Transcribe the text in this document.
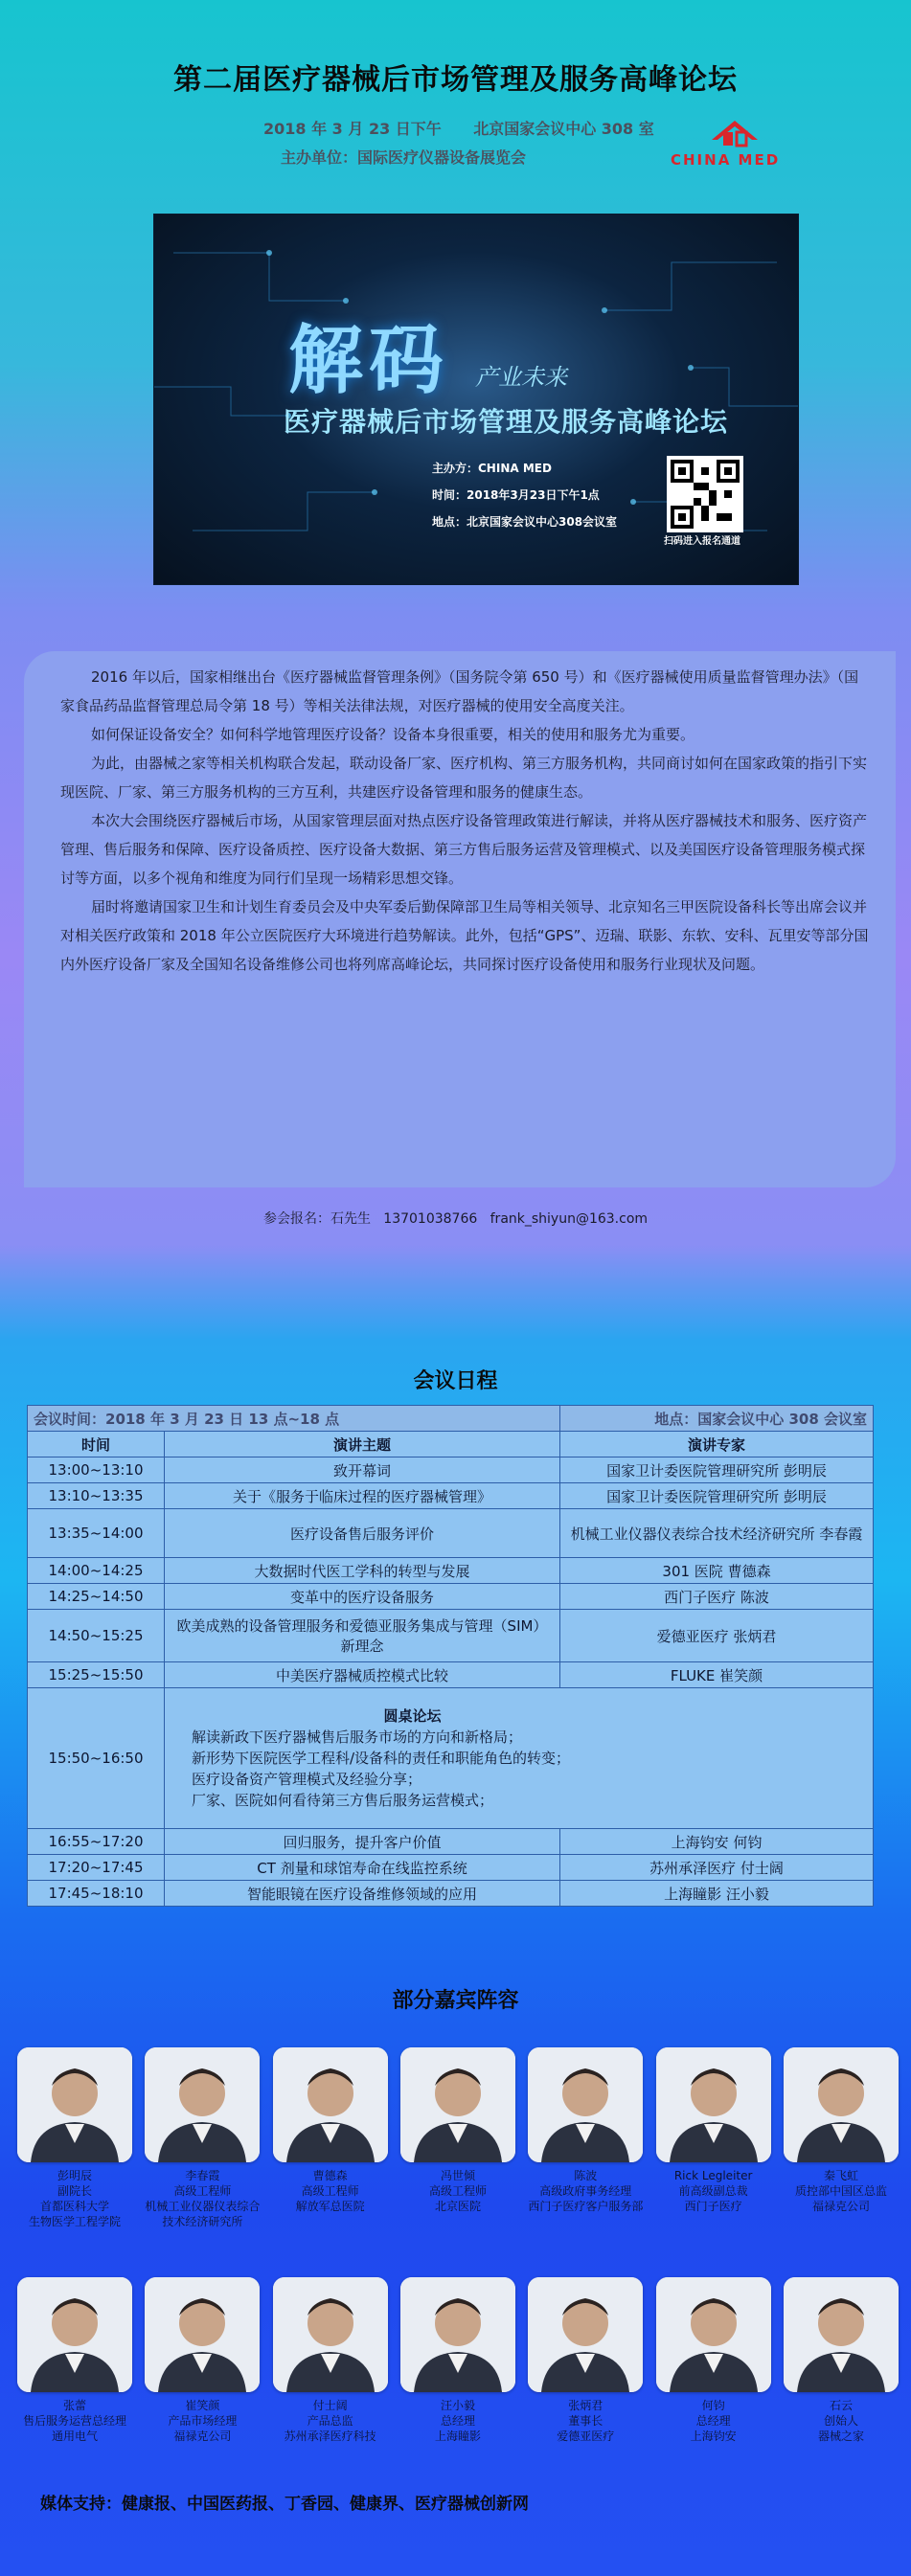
第二届医疗器械后市场管理及服务高峰论坛
2018 年 3 月 23 日下午      北京国家会议中心 308 室
主办单位：国际医疗仪器设备展览会	CHINA MED
解码 产业未来
医疗器械后市场管理及服务高峰论坛
主办方：CHINA MED
时间：2018年3月23日下午1点
地点：北京国家会议中心308会议室
扫码进入报名通道

2016 年以后，国家相继出台《医疗器械监督管理条例》（国务院令第 650 号）和《医疗器械使用质量监督管理办法》（国家食品药品监督管理总局令第 18 号）等相关法律法规，对医疗器械的使用安全高度关注。

如何保证设备安全？如何科学地管理医疗设备？设备本身很重要，相关的使用和服务尤为重要。

为此，由器械之家等相关机构联合发起，联动设备厂家、医疗机构、第三方服务机构，共同商讨如何在国家政策的指引下实现医院、厂家、第三方服务机构的三方互利，共建医疗设备管理和服务的健康生态。

本次大会围绕医疗器械后市场，从国家管理层面对热点医疗设备管理政策进行解读，并将从医疗器械技术和服务、医疗资产管理、售后服务和保障、医疗设备质控、医疗设备大数据、第三方售后服务运营及管理模式、以及美国医疗设备管理服务模式探讨等方面，以多个视角和维度为同行们呈现一场精彩思想交锋。

届时将邀请国家卫生和计划生育委员会及中央军委后勤保障部卫生局等相关领导、北京知名三甲医院设备科长等出席会议并对相关医疗政策和 2018 年公立医院医疗大环境进行趋势解读。此外，包括“GPS”、迈瑞、联影、东软、安科、瓦里安等部分国内外医疗设备厂家及全国知名设备维修公司也将列席高峰论坛，共同探讨医疗设备使用和服务行业现状及问题。

参会报名：石先生   13701038766   frank_shiyun@163.com
会议日程
会议时间：2018 年 3 月 23 日 13 点~18 点		地点：国家会议中心 308 会议室
时间	演讲主题	演讲专家
13:00~13:10	致开幕词	国家卫计委医院管理研究所 彭明辰
13:10~13:35	关于《服务于临床过程的医疗器械管理》	国家卫计委医院管理研究所 彭明辰
13:35~14:00	医疗设备售后服务评价	机械工业仪器仪表综合技术经济研究所 李春霞
14:00~14:25	大数据时代医工学科的转型与发展	301 医院 曹德森
14:25~14:50	变革中的医疗设备服务	西门子医疗 陈波
14:50~15:25	欧美成熟的设备管理服务和爱德亚服务集成与管理（SIM）新理念	爱德亚医疗 张炳君
15:25~15:50	中美医疗器械质控模式比较	FLUKE 崔笑颜
15:50~16:50	圆桌论坛
解读新政下医疗器械售后服务市场的方向和新格局；
新形势下医院医学工程科/设备科的责任和职能角色的转变；
医疗设备资产管理模式及经验分享；
厂家、医院如何看待第三方售后服务运营模式；	

16:55~17:20	回归服务，提升客户价值	上海钧安 何钧
17:20~17:45	CT 剂量和球馆寿命在线监控系统	苏州承泽医疗 付士阔
17:45~18:10	智能眼镜在医疗设备维修领域的应用	上海瞳影 汪小毅
部分嘉宾阵容
彭明辰
副院长
首都医科大学
生物医学工程学院
李春霞
高级工程师
机械工业仪器仪表综合
技术经济研究所
曹德森
高级工程师
解放军总医院
冯世倾
高级工程师
北京医院
陈波
高级政府事务经理
西门子医疗客户服务部
Rick Legleiter
前高级副总裁
西门子医疗
秦飞虹
质控部中国区总监
福禄克公司
张蕾
售后服务运营总经理
通用电气
崔笑颜
产品市场经理
福禄克公司
付士阔
产品总监
苏州承泽医疗科技
汪小毅
总经理
上海瞳影
张炳君
董事长
爱德亚医疗
何钧
总经理
上海钧安
石云
创始人
器械之家
媒体支持：健康报、中国医药报、丁香园、健康界、医疗器械创新网
